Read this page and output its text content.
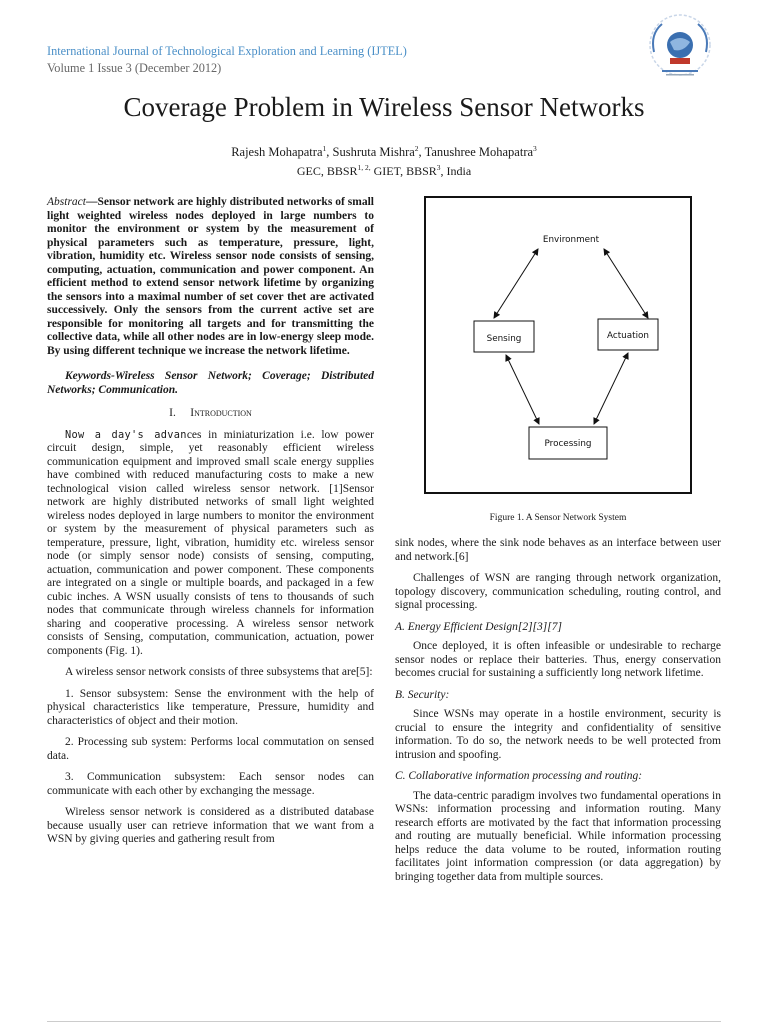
International Journal of Technological Exploration and Learning (IJTEL)
Volume 1 Issue 3 (December 2012)
Coverage Problem in Wireless Sensor Networks
Rajesh Mohapatra$^1$, Sushruta Mishra$^2$, Tanushree Mohapatra$^3$
GEC, $BBSR^{1, 2,}$ GIET, BBSR$^3$, India

Abstract—Sensor network are highly distributed networks of small light weighted wireless nodes deployed in large numbers to monitor the environment or system by the measurement of physical parameters such as temperature, pressure, light, vibration, humidity etc. Wireless sensor node consists of sensing, computing, actuation, communication and power component. An efficient method to extend sensor network lifetime by organizing the sensors into a maximal number of set cover thet are activated successively. Only the sensors from the current active set are responsible for monitoring all targets and for transmitting the collective data, while all other nodes are in low-energy sleep mode. By using different technique we increase the network lifetime.

Keywords-Wireless Sensor Network; Coverage; Distributed Networks; Communication.

I. Introduction

Now a day's advances in miniaturization i.e. low power circuit design, simple, yet reasonably efficient wireless communication equipment and improved small scale energy supplies have combined with reduced manufacturing costs to make a new technological vision called wireless sensor network. [1]Sensor network are highly distributed networks of small light weighted wireless nodes deployed in large numbers to monitor the environment or system by the measurement of physical parameters such as temperature, pressure, light, vibration, humidity etc. wireless sensor node (or simply sensor node) consists of sensing, computing, actuation, communication and power component. These components are integrated on a single or multiple boards, and packaged in a few cubic inches. A WSN usually consists of tens to thousands of such nodes that communicate through wireless channels for information sharing and cooperative processing. A wireless sensor network consists of Sensing, computation, communication, actuation, power components (Fig. 1).

A wireless sensor network consists of three subsystems that are[5]:

1. Sensor subsystem: Sense the environment with the help of physical characteristics like temperature, Pressure, humidity and characteristics of object and their motion.

2. Processing sub system: Performs local commutation on sensed data.

3. Communication subsystem: Each sensor nodes can communicate with each other by exchanging the message.

Wireless sensor network is considered as a distributed database because usually user can retrieve information that we want from a WSN by giving queries and gathering result from

Environment
Sensing	Actuation
Processing
Figure 1. A Sensor Network System

sink nodes, where the sink node behaves as an interface between user and network.[6]

Challenges of WSN are ranging through network organization, topology discovery, communication scheduling, routing control, and signal processing.

A. Energy Efficient Design[2][3][7]

Once deployed, it is often infeasible or undesirable to recharge sensor nodes or replace their batteries. Thus, energy conservation becomes crucial for sustaining a sufficiently long network lifetime.

B. Security:

Since WSNs may operate in a hostile environment, security is crucial to ensure the integrity and confidentiality of sensitive information. To do so, the network needs to be well protected from intrusion and spoofing.

C. Collaborative information processing and routing:

The data-centric paradigm involves two fundamental operations in WSNs: information processing and information routing. Many research efforts are motivated by the fact that information processing and routing are mutually beneficial. While information processing helps reduce the data volume to be routed, information routing facilitates joint information compression (or data aggregation) by bringing together data from multiple sources.
